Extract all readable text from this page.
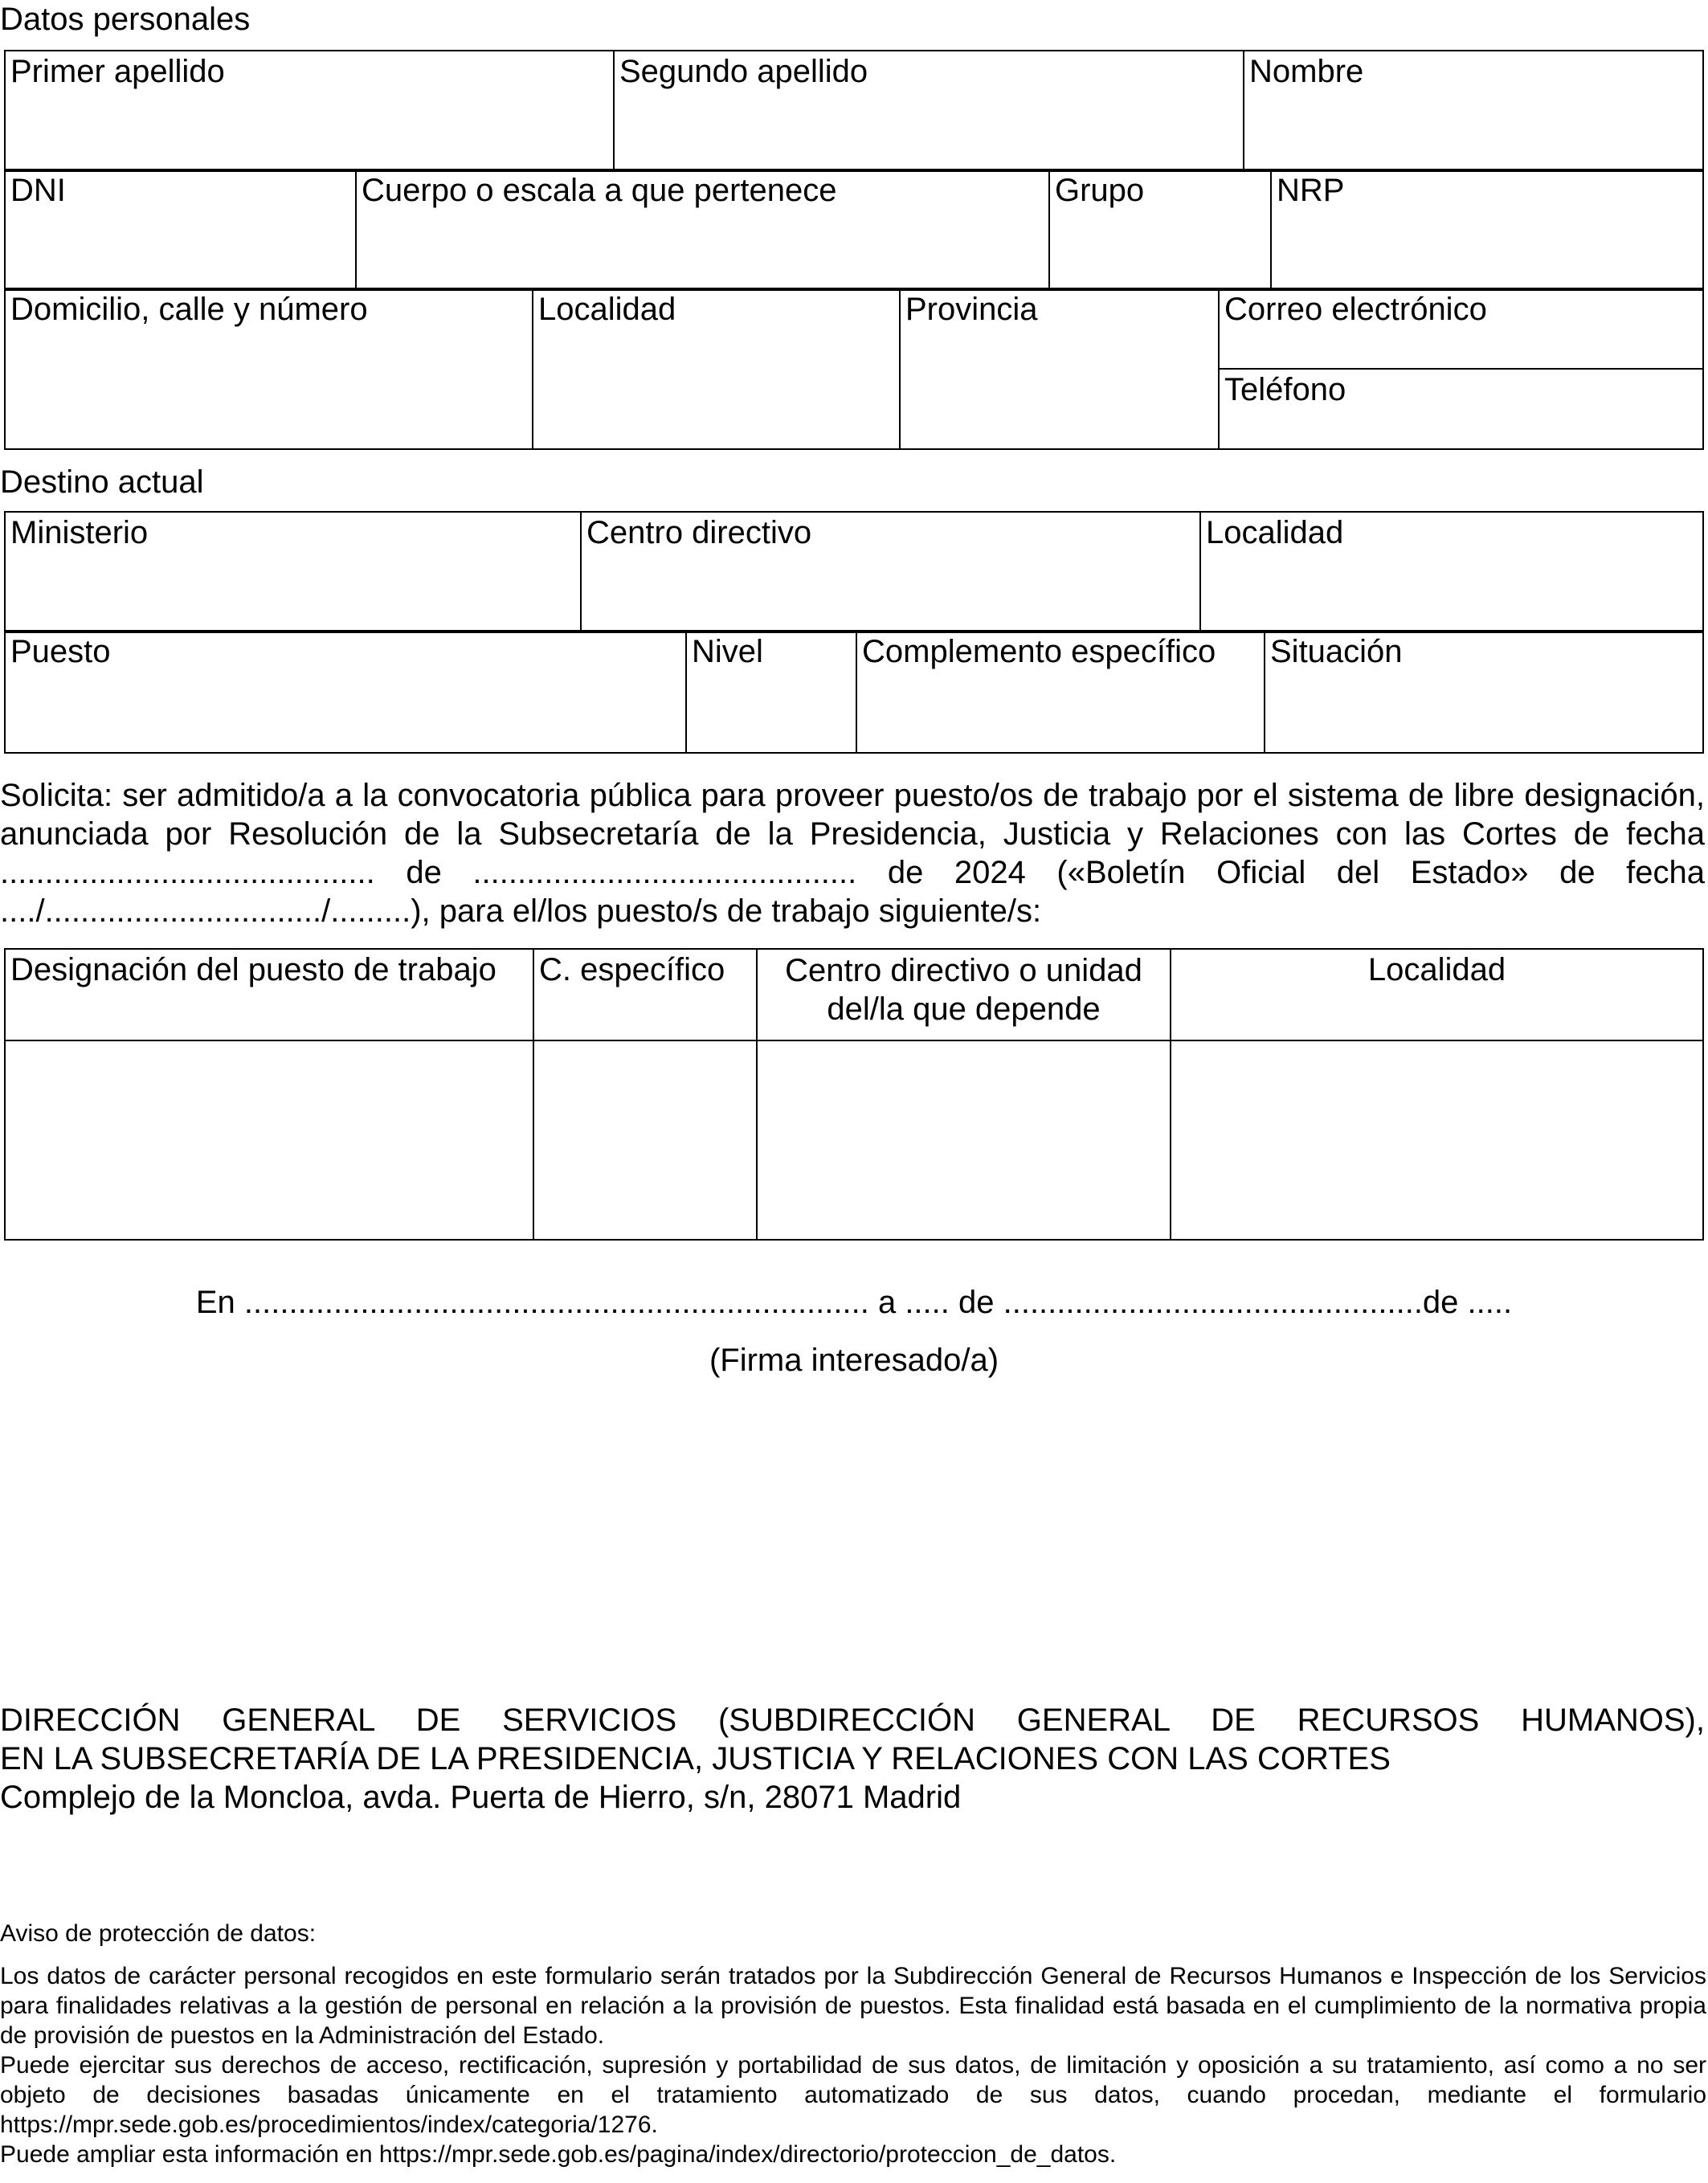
Datos personales
Primer apellido	Segundo apellido	Nombre
DNI	Cuerpo o escala a que pertenece	Grupo	NRP
Domicilio, calle y número	Localidad	Provincia	Correo electrónico
Teléfono
Destino actual
Ministerio	Centro directivo	Localidad
Puesto	Nivel	Complemento específico	Situación
Solicita: ser admitido/a a la convocatoria pública para proveer puesto/os de trabajo por el sistema de libre designación, anunciada por Resolución de la Subsecretaría de la Presidencia, Justicia y Relaciones con las Cortes de fecha .......................................... de ........................................... de 2024 («Boletín Oficial del Estado» de fecha ..../.............................../.........), para el/los puesto/s de trabajo siguiente/s:
Designación del puesto de trabajo	C. específico	Centro directivo o unidad del/la que depende	Localidad

En ...................................................................... a ..... de ...............................................de .....
(Firma interesado/a)

DIRECCIÓN GENERAL DE SERVICIOS (SUBDIRECCIÓN GENERAL DE RECURSOS HUMANOS),

EN LA SUBSECRETARÍA DE LA PRESIDENCIA, JUSTICIA Y RELACIONES CON LAS CORTES

Complejo de la Moncloa, avda. Puerta de Hierro, s/n, 28071 Madrid

Aviso de protección de datos:

Los datos de carácter personal recogidos en este formulario serán tratados por la Subdirección General de Recursos Humanos e Inspección de los Servicios para finalidades relativas a la gestión de personal en relación a la provisión de puestos. Esta finalidad está basada en el cumplimiento de la normativa propia de provisión de puestos en la Administración del Estado.

Puede ejercitar sus derechos de acceso, rectificación, supresión y portabilidad de sus datos, de limitación y oposición a su tratamiento, así como a no ser objeto de decisiones basadas únicamente en el tratamiento automatizado de sus datos, cuando procedan, mediante el formulario https://mpr.sede.gob.es/procedimientos/index/categoria/1276.

Puede ampliar esta información en https://mpr.sede.gob.es/pagina/index/directorio/proteccion_de_datos.
